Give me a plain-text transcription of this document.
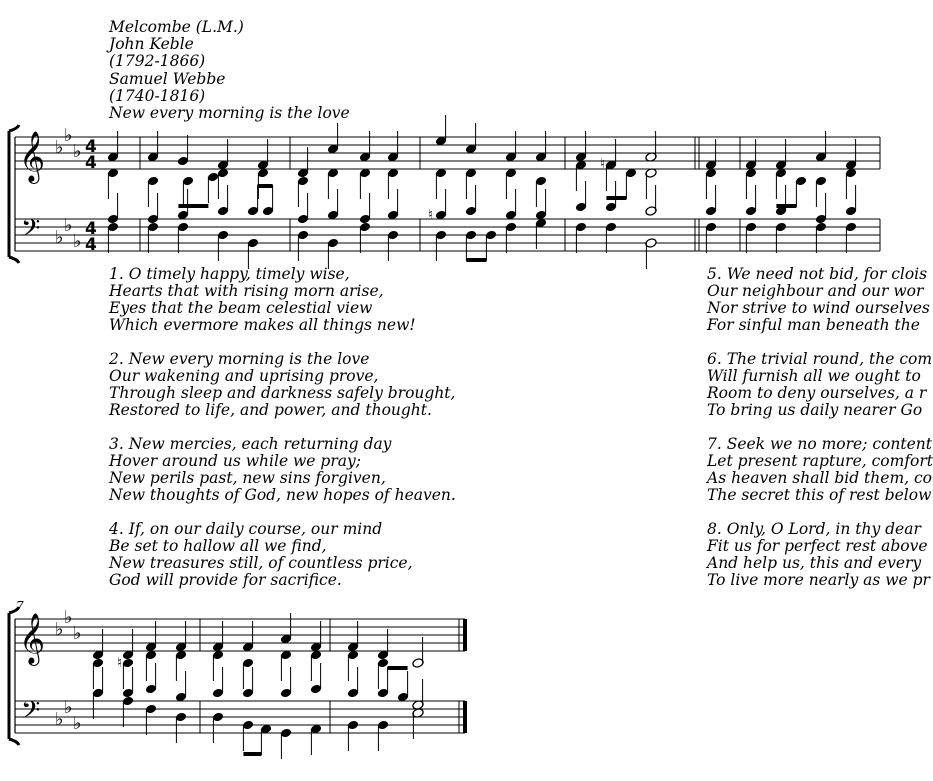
Melcombe (L.M.)
John Keble
(1792-1866)
Samuel Webbe
(1740-1816)
New every morning is the love
𝄞
𝄢
♭
♭
♭
♭
♭
♭
4
4
4
4
♮
♮
1. O timely happy, timely wise,
Hearts that with rising morn arise,
Eyes that the beam celestial view
Which evermore makes all things new!
2. New every morning is the love
Our wakening and uprising prove,
Through sleep and darkness safely brought,
Restored to life, and power, and thought.
3. New mercies, each returning day
Hover around us while we pray;
New perils past, new sins forgiven,
New thoughts of God, new hopes of heaven.
4. If, on our daily course, our mind
Be set to hallow all we find,
New treasures still, of countless price,
God will provide for sacrifice.
5. We need not bid, for clois
Our neighbour and our wor
Nor strive to wind ourselves
For sinful man beneath the
6. The trivial round, the com
Will furnish all we ought to
Room to deny ourselves, a r
To bring us daily nearer Go
7. Seek we no more; content
Let present rapture, comfort
As heaven shall bid them, co
The secret this of rest below
8. Only, O Lord, in thy dear
Fit us for perfect rest above
And help us, this and every
To live more nearly as we pr
7
𝄞
𝄢
♭
♭
♭
♭
♭
♭
♮
